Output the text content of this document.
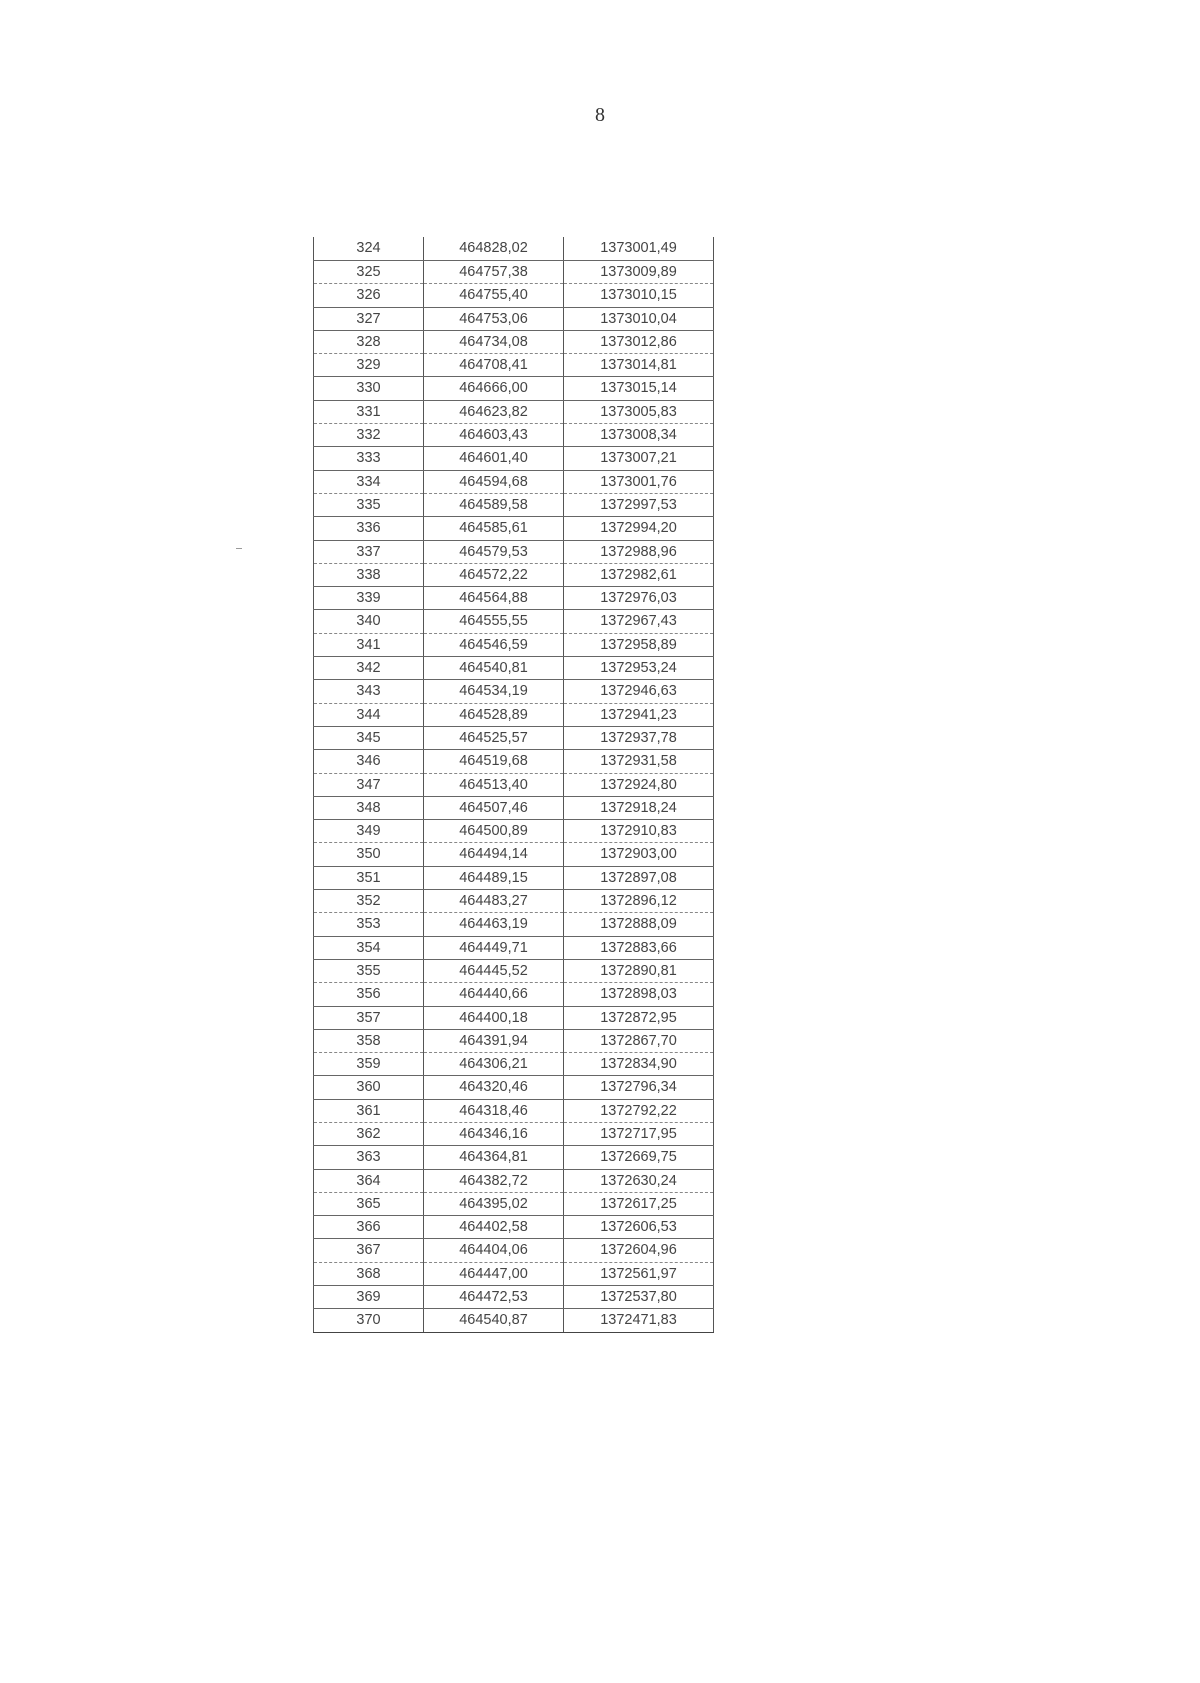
8
324	464828,02	1373001,49
325	464757,38	1373009,89
326	464755,40	1373010,15
327	464753,06	1373010,04
328	464734,08	1373012,86
329	464708,41	1373014,81
330	464666,00	1373015,14
331	464623,82	1373005,83
332	464603,43	1373008,34
333	464601,40	1373007,21
334	464594,68	1373001,76
335	464589,58	1372997,53
336	464585,61	1372994,20
337	464579,53	1372988,96
338	464572,22	1372982,61
339	464564,88	1372976,03
340	464555,55	1372967,43
341	464546,59	1372958,89
342	464540,81	1372953,24
343	464534,19	1372946,63
344	464528,89	1372941,23
345	464525,57	1372937,78
346	464519,68	1372931,58
347	464513,40	1372924,80
348	464507,46	1372918,24
349	464500,89	1372910,83
350	464494,14	1372903,00
351	464489,15	1372897,08
352	464483,27	1372896,12
353	464463,19	1372888,09
354	464449,71	1372883,66
355	464445,52	1372890,81
356	464440,66	1372898,03
357	464400,18	1372872,95
358	464391,94	1372867,70
359	464306,21	1372834,90
360	464320,46	1372796,34
361	464318,46	1372792,22
362	464346,16	1372717,95
363	464364,81	1372669,75
364	464382,72	1372630,24
365	464395,02	1372617,25
366	464402,58	1372606,53
367	464404,06	1372604,96
368	464447,00	1372561,97
369	464472,53	1372537,80
370	464540,87	1372471,83
